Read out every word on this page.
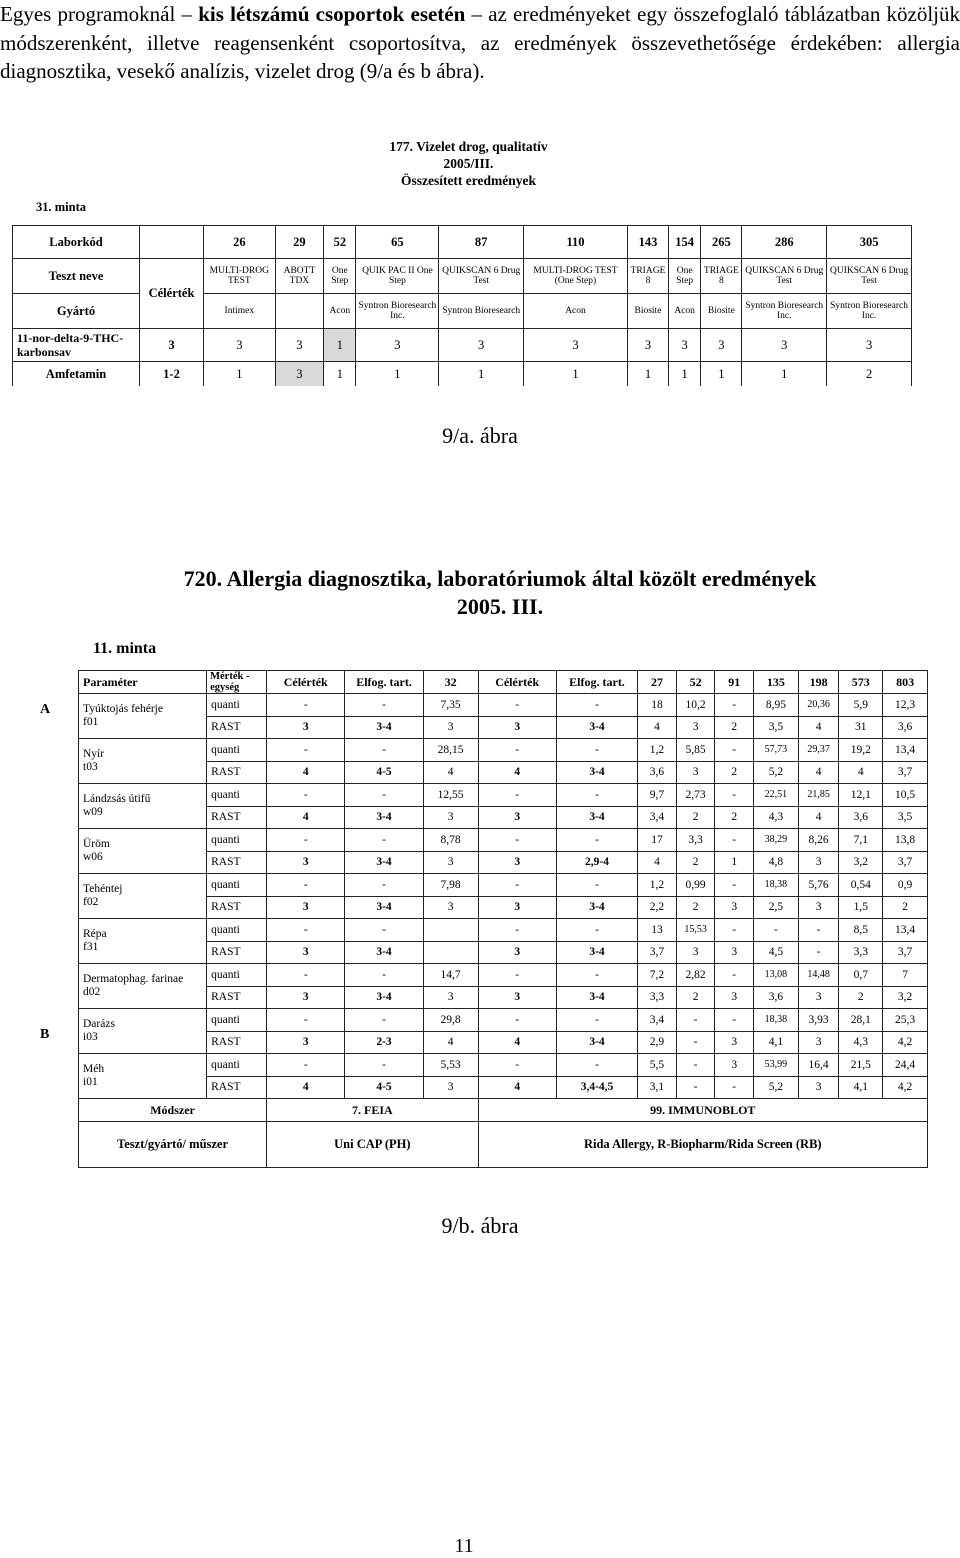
Egyes programoknál – kis létszámú csoportok esetén – az eredményeket egy összefoglaló táblázatban közöljük módszerenként, illetve reagensenként csoportosítva, az eredmények összevethetősége érdekében: allergia diagnosztika, vesekő analízis, vizelet drog (9/a és b ábra).
177. Vizelet drog, qualitatív
2005/III.
Összesített eredmények
31. minta
Laborkód		26	29	52	65	87	110	143	154	265	286	305
Teszt neve	Célérték	MULTI-DROG TEST	ABOTT TDX	One Step	QUIK PAC II One Step	QUIKSCAN 6 Drug Test	MULTI-DROG TEST (One Step)	TRIAGE 8	One Step	TRIAGE 8	QUIKSCAN 6 Drug Test	QUIKSCAN 6 Drug Test
Gyártó		Intimex		Acon	Syntron Bioresearch Inc.	Syntron Bioresearch	Acon	Biosite	Acon	Biosite	Syntron Bioresearch Inc.	Syntron Bioresearch Inc.
11-nor-delta-9-THC-karbonsav	3	3	3	1	3	3	3	3	3	3	3	3
Amfetamin	1-2	1	3	1	1	1	1	1	1	1	1	2
9/a. ábra
720. Allergia diagnosztika, laboratóriumok által közölt eredmények
2005. III.
11. minta
A
B
Paraméter	Mérték -egység	Célérték	Elfog. tart.	32	Célérték	Elfog. tart.	27	52	91	135	198	573	803

Tyúktojás fehérje
f01	quanti	-	-	7,35	-	-	18	10,2	-	8,95	20,36	5,9	12,3
	RAST	3	3-4	3	3	3-4	4	3	2	3,5	4	31	3,6

Nyír
t03	quanti	-	-	28,15	-	-	1,2	5,85	-	57,73	29,37	19,2	13,4
	RAST	4	4-5	4	4	3-4	3,6	3	2	5,2	4	4	3,7

Lándzsás útifű
w09	quanti	-	-	12,55	-	-	9,7	2,73	-	22,51	21,85	12,1	10,5
	RAST	4	3-4	3	3	3-4	3,4	2	2	4,3	4	3,6	3,5

Üröm
w06	quanti	-	-	8,78	-	-	17	3,3	-	38,29	8,26	7,1	13,8
	RAST	3	3-4	3	3	2,9-4	4	2	1	4,8	3	3,2	3,7

Tehéntej
f02	quanti	-	-	7,98	-	-	1,2	0,99	-	18,38	5,76	0,54	0,9
	RAST	3	3-4	3	3	3-4	2,2	2	3	2,5	3	1,5	2

Répa
f31	quanti	-	-		-	-	13	15,53	-	-	-	8,5	13,4
	RAST	3	3-4		3	3-4	3,7	3	3	4,5	-	3,3	3,7

Dermatophag. farinae
d02	quanti	-	-	14,7	-	-	7,2	2,82	-	13,08	14,48	0,7	7
	RAST	3	3-4	3	3	3-4	3,3	2	3	3,6	3	2	3,2

Darázs
i03	quanti	-	-	29,8	-	-	3,4	-	-	18,38	3,93	28,1	25,3
	RAST	3	2-3	4	4	3-4	2,9	-	3	4,1	3	4,3	4,2

Méh
i01	quanti	-	-	5,53	-	-	5,5	-	3	53,99	16,4	21,5	24,4
	RAST	4	4-5	3	4	3,4-4,5	3,1	-	-	5,2	3	4,1	4,2
Módszer		7. FEIA			99. IMMUNOBLOT								
Teszt/gyártó/ műszer		Uni CAP (PH)			Rida Allergy, R-Biopharm/Rida Screen (RB)								
9/b. ábra
11
